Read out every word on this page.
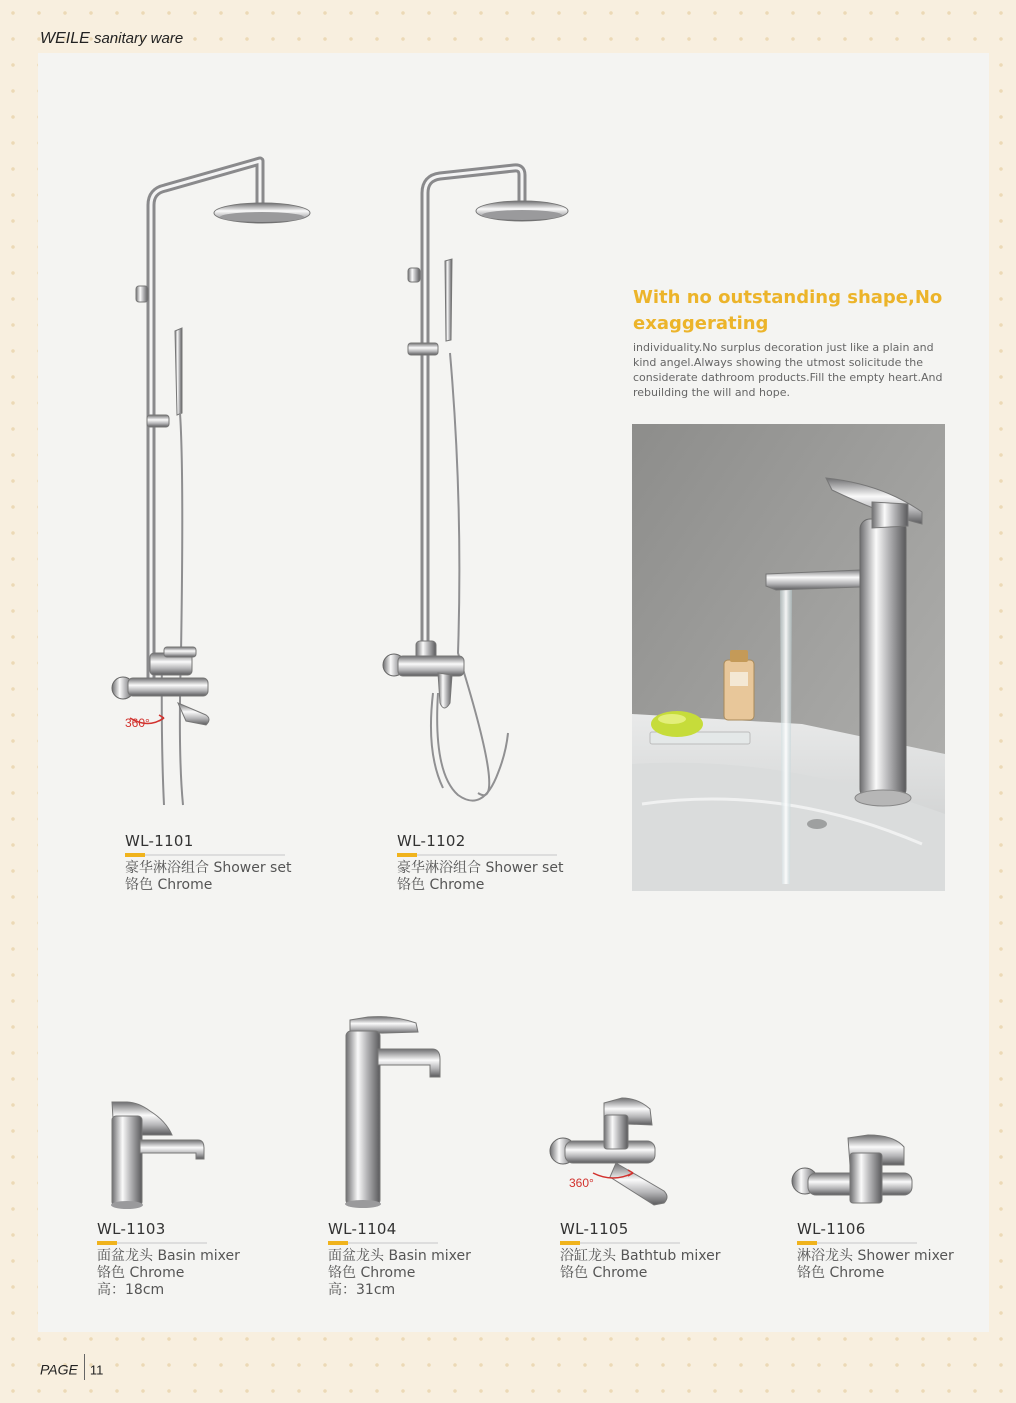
WEILE sanitary ware
360°
360°
With no outstanding shape,No exaggerating
individuality.No surplus decoration just like a plain and kind angel.Always showing the utmost solicitude the considerate dathroom products.Fill the empty heart.And rebuilding the will and hope.
WL-1101
豪华淋浴组合 Shower set
铬色 Chrome
WL-1102
豪华淋浴组合 Shower set
铬色 Chrome
WL-1103
面盆龙头 Basin mixer
铬色 Chrome
高：18cm
WL-1104
面盆龙头 Basin mixer
铬色 Chrome
高：31cm
WL-1105
浴缸龙头 Bathtub mixer
铬色 Chrome
WL-1106
淋浴龙头 Shower mixer
铬色 Chrome
PAGE 11
